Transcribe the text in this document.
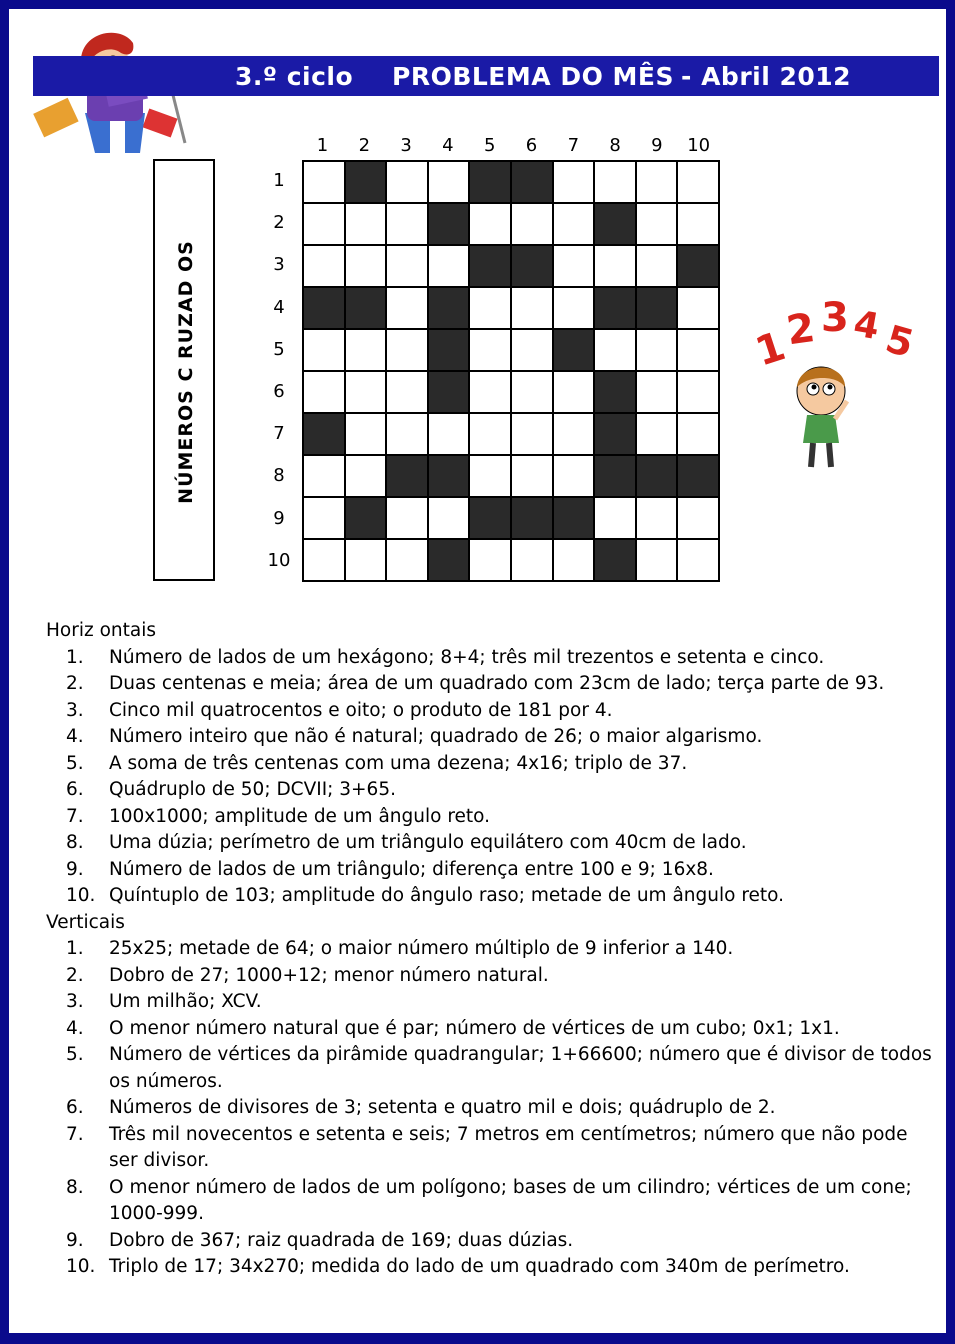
3.º ciclo PROBLEMA DO MÊS - Abril 2012
NÚMEROS C RUZAD OS
1	2	3	4	5	6	7	8	9	10
1
2
3
4
5
6
7
8
9
10
1
2 3 4
5

Horiz ontais

1. Número de lados de um hexágono; 8+4; três mil trezentos e setenta e cinco.
2. Duas centenas e meia; área de um quadrado com 23cm de lado; terça parte de 93.
3. Cinco mil quatrocentos e oito; o produto de 181 por 4.
4. Número inteiro que não é natural; quadrado de 26; o maior algarismo.
5. A soma de três centenas com uma dezena; 4x16; triplo de 37.
6. Quádruplo de 50; DCVII; 3+65.
7. 100x1000; amplitude de um ângulo reto.
8. Uma dúzia; perímetro de um triângulo equilátero com 40cm de lado.
9. Número de lados de um triângulo; diferença entre 100 e 9; 16x8.
10. Quíntuplo de 103; amplitude do ângulo raso; metade de um ângulo reto.

Verticais

1. 25x25; metade de 64; o maior número múltiplo de 9 inferior a 140.
2. Dobro de 27; 1000+12; menor número natural.
3. Um milhão; XCV.
4. O menor número natural que é par; número de vértices de um cubo; 0x1; 1x1.
5. Número de vértices da pirâmide quadrangular; 1+66600; número que é divisor de todos os números.
6. Números de divisores de 3; setenta e quatro mil e dois; quádruplo de 2.
7. Três mil novecentos e setenta e seis; 7 metros em centímetros; número que não pode ser divisor.
8. O menor número de lados de um polígono; bases de um cilindro; vértices de um cone; 1000-999.
9. Dobro de 367; raiz quadrada de 169; duas dúzias.
10. Triplo de 17; 34x270; medida do lado de um quadrado com 340m de perímetro.
